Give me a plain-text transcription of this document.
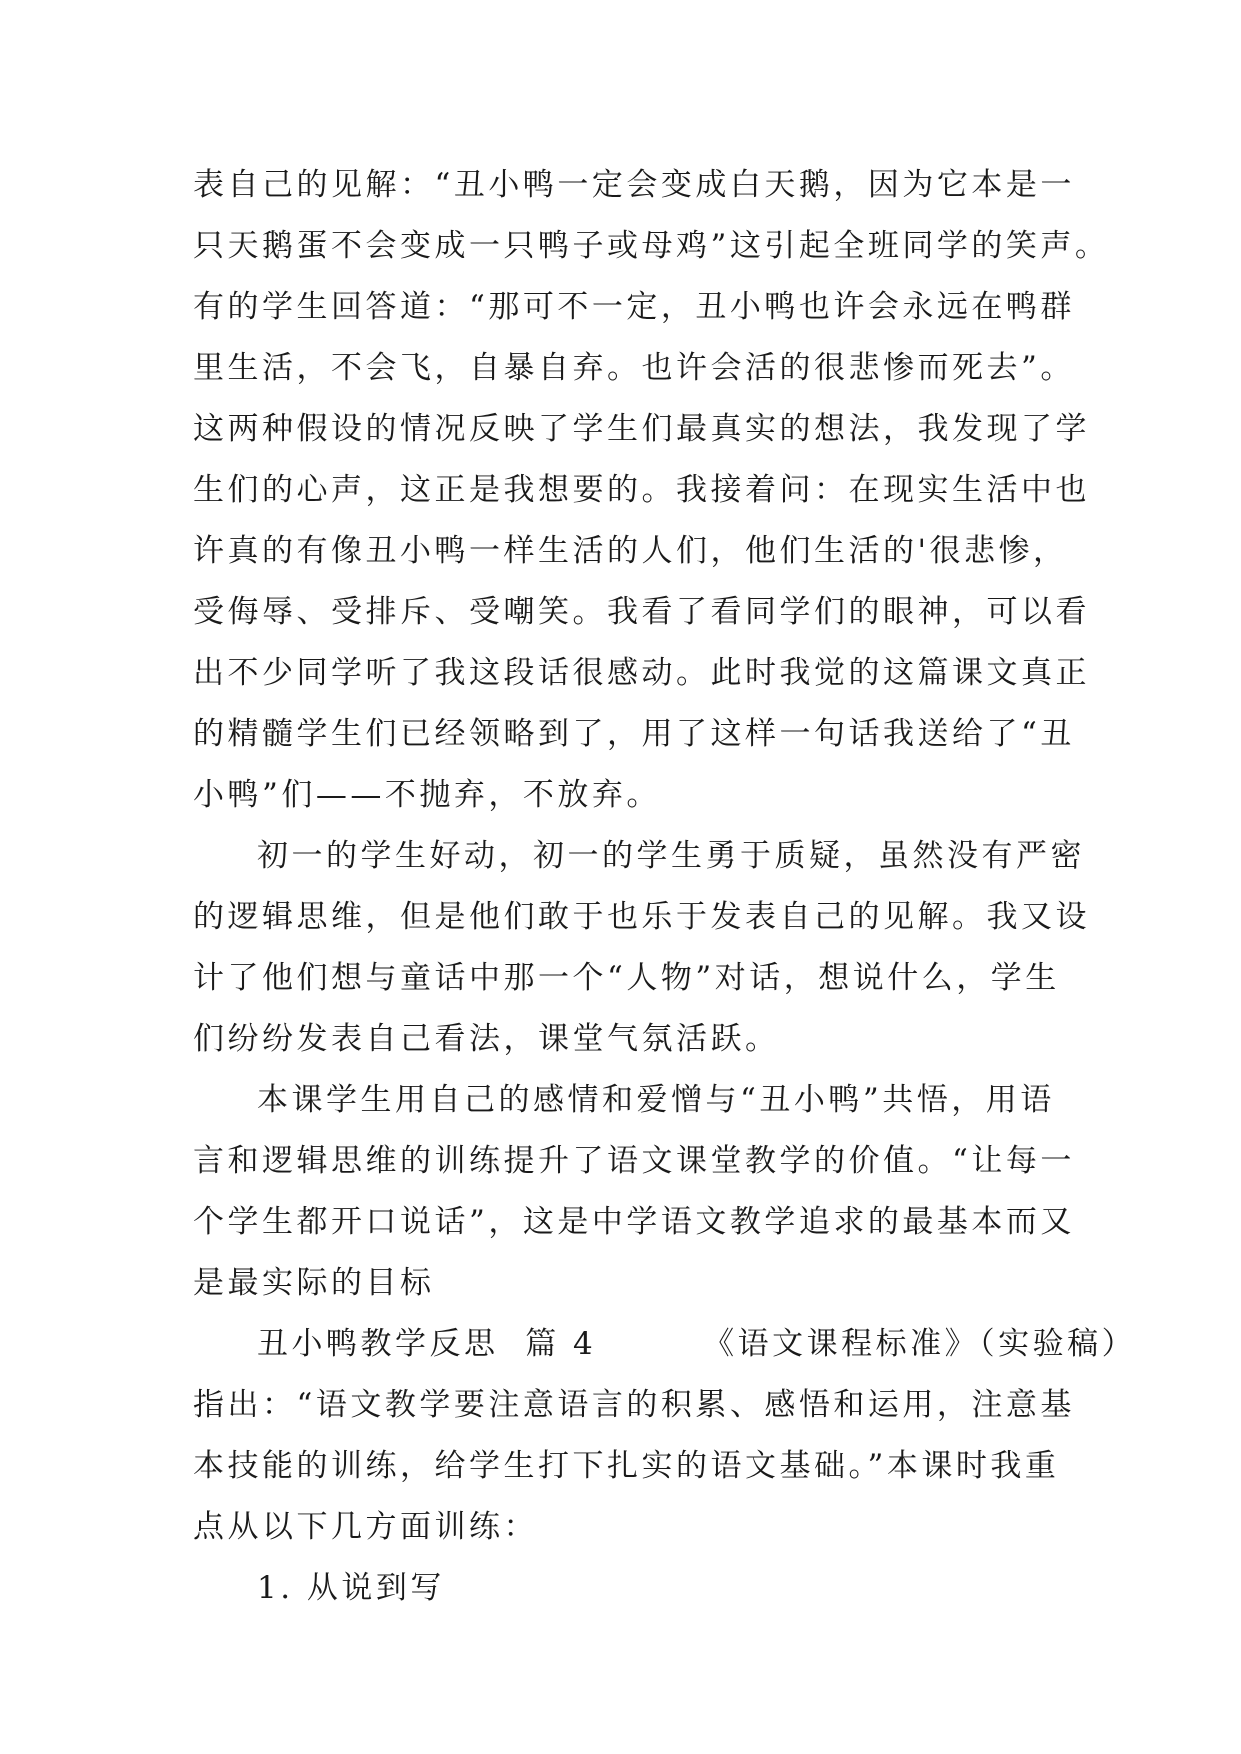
表自己的见解：“丑小鸭一定会变成白天鹅，因为它本是一
只天鹅蛋不会变成一只鸭子或母鸡”这引起全班同学的笑声。
有的学生回答道：“那可不一定，丑小鸭也许会永远在鸭群
里生活，不会飞，自暴自弃。也许会活的很悲惨而死去”。
这两种假设的情况反映了学生们最真实的想法，我发现了学
生们的心声，这正是我想要的。我接着问：在现实生活中也
许真的有像丑小鸭一样生活的人们，他们生活的'很悲惨，
受侮辱、受排斥、受嘲笑。我看了看同学们的眼神，可以看
出不少同学听了我这段话很感动。此时我觉的这篇课文真正
的精髓学生们已经领略到了，用了这样一句话我送给了“丑
小鸭”们——不抛弃，不放弃。
初一的学生好动，初一的学生勇于质疑，虽然没有严密
的逻辑思维，但是他们敢于也乐于发表自己的见解。我又设
计了他们想与童话中那一个“人物”对话，想说什么，学生
们纷纷发表自己看法，课堂气氛活跃。
本课学生用自己的感情和爱憎与“丑小鸭”共悟，用语
言和逻辑思维的训练提升了语文课堂教学的价值。“让每一
个学生都开口说话”，这是中学语文教学追求的最基本而又
是最实际的目标
丑小鸭教学反思  篇 4        《语文课程标准》（实验稿）
指出：“语文教学要注意语言的积累、感悟和运用，注意基
本技能的训练，给学生打下扎实的语文基础。”本课时我重
点从以下几方面训练：
1. 从说到写
